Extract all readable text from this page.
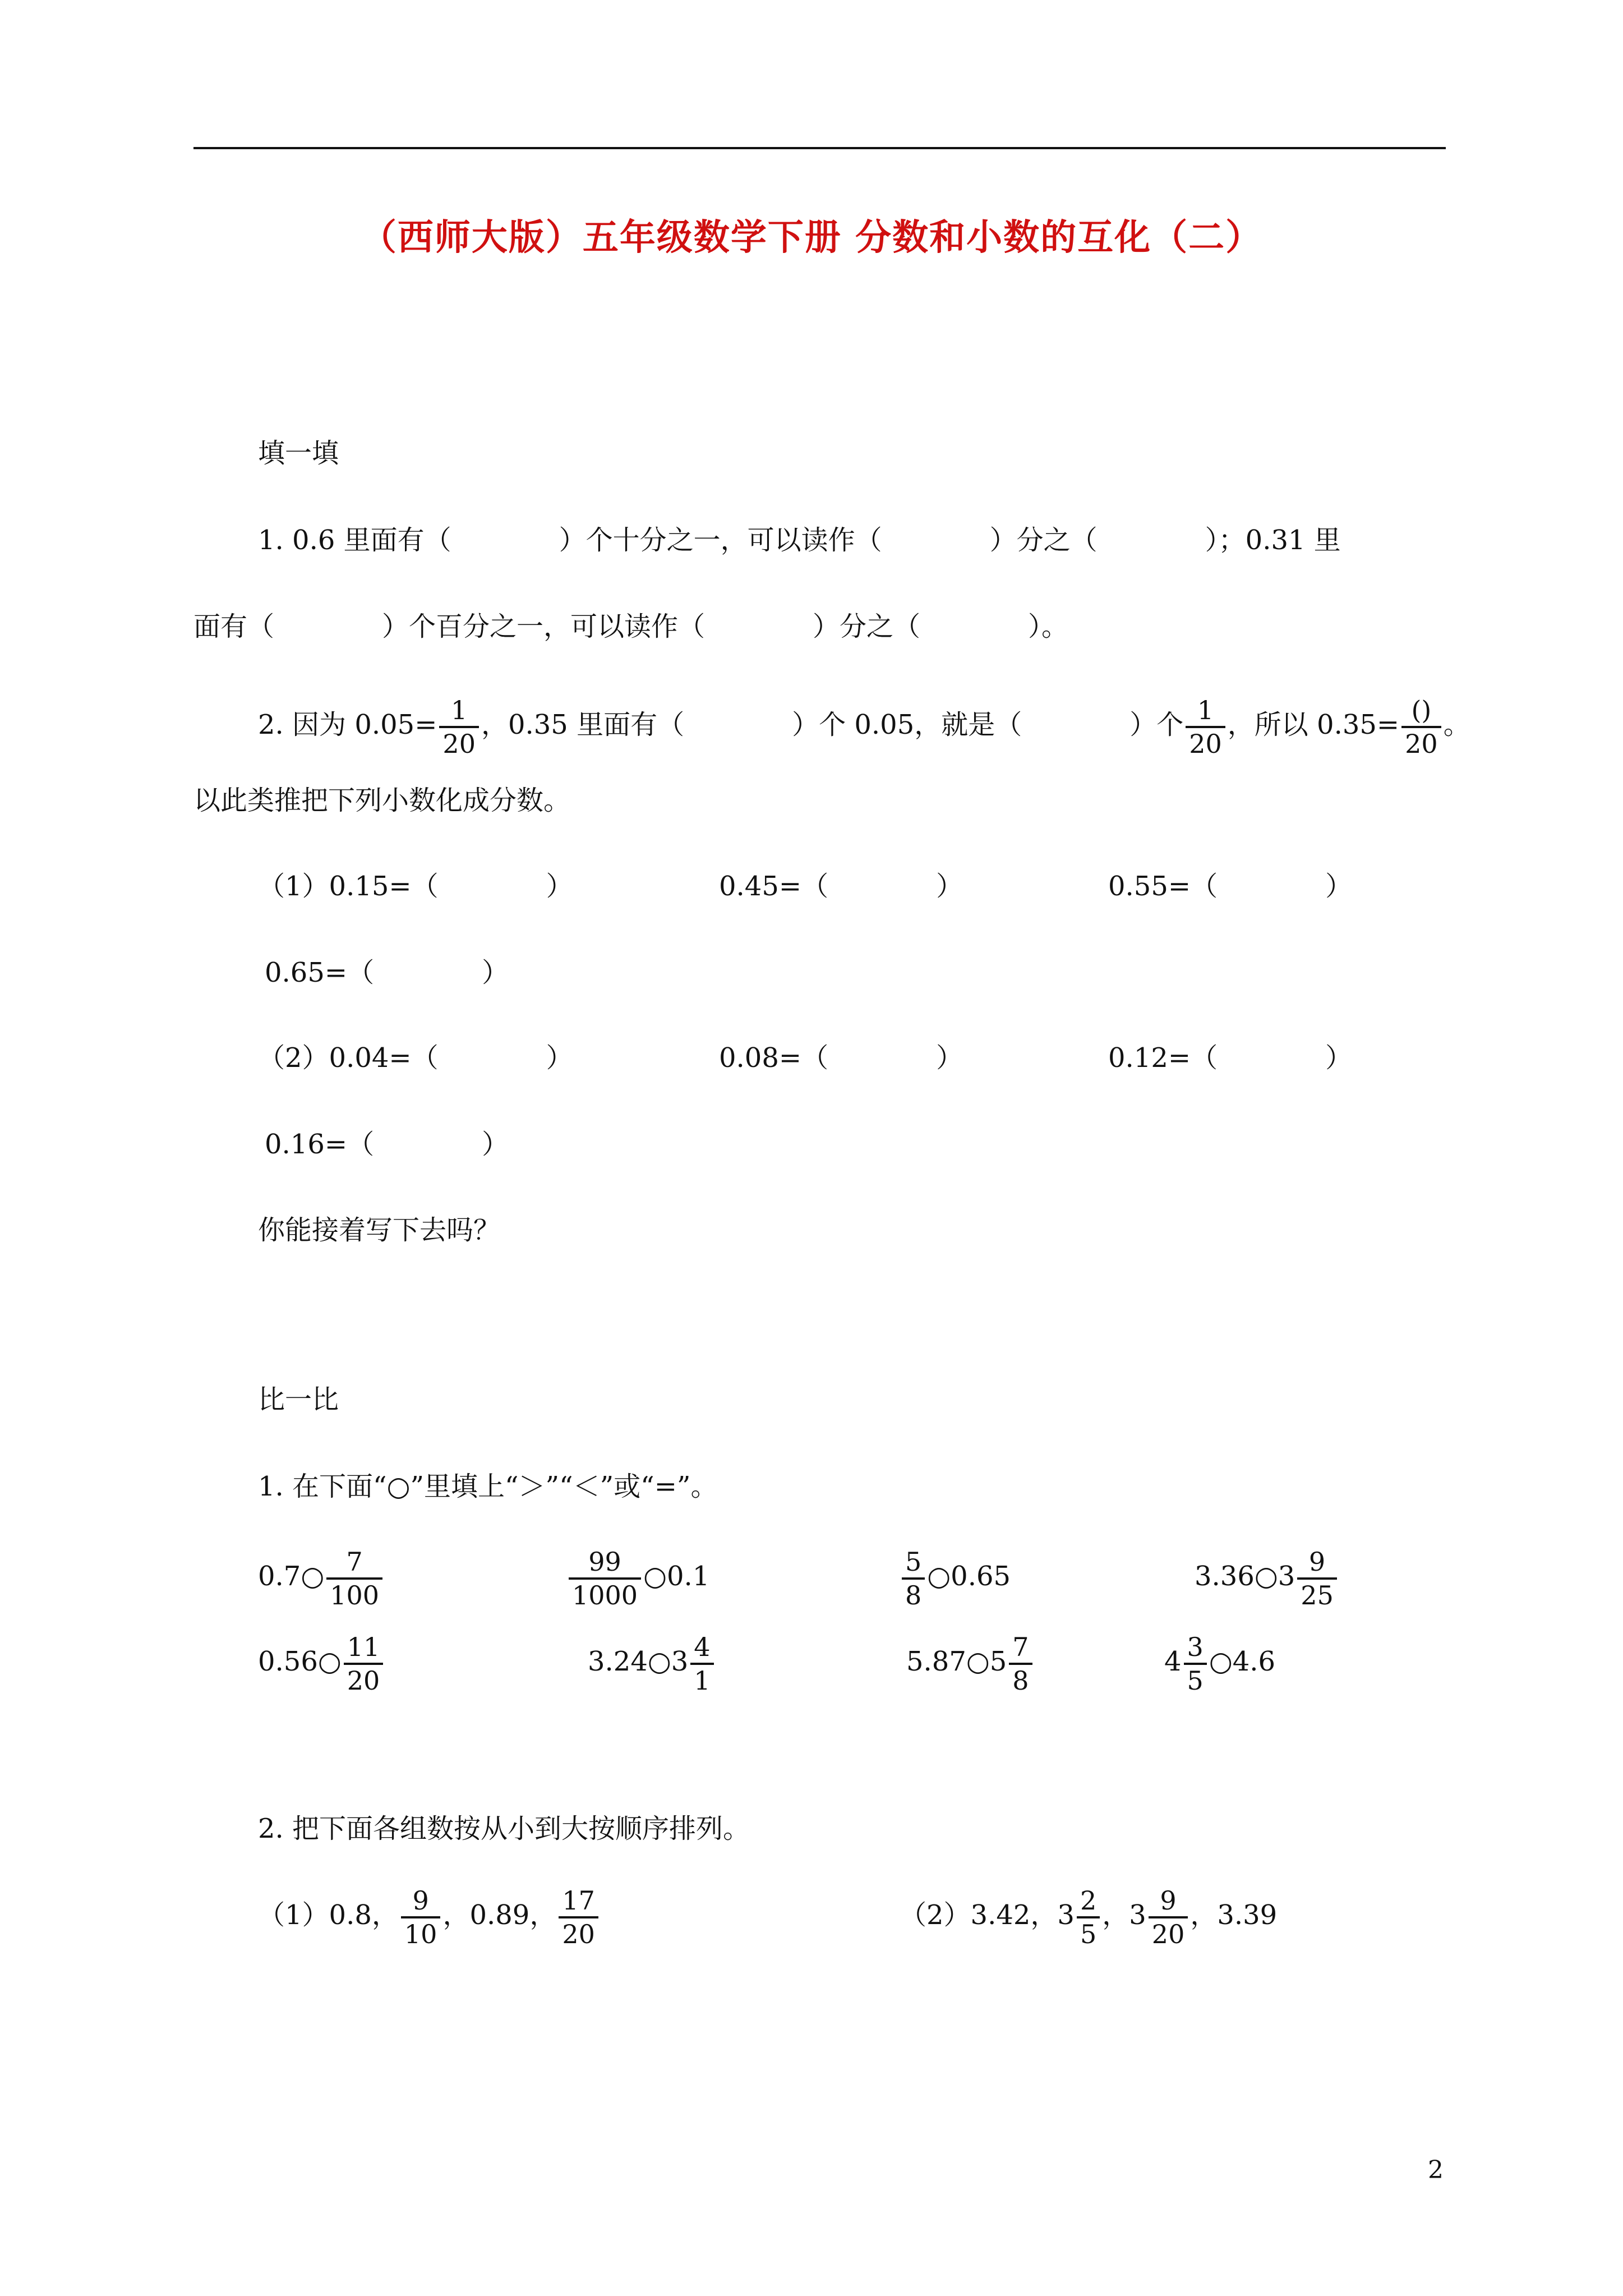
（西师大版）五年级数学下册 分数和小数的互化（二）
填一填
1. 0.6 里面有（　　　　）个十分之一，可以读作（　　　　）分之（　　　　）；0.31 里
面有（　　　　）个百分之一，可以读作（　　　　）分之（　　　　）。
2. 因为 $0.05= \frac{1}{20}$ ，0.35 里面有（　　　　）个 0.05，就是（　　　　）个 $\frac{1}{20}$ ，所以 $0.35= \frac{()}{20}$ 。
以此类推把下列小数化成分数。
（1）0.15=（　　　　）	0.45=（　　　　）	0.55=（　　　　）
0.65=（　　　　）
（2）0.04=（　　　　）	0.08=（　　　　）	0.12=（　　　　）
0.16=（　　　　）
你能接着写下去吗？
比一比
1. 在下面“○”里填上“＞”“＜”或“=”。
0.7○ $\frac{7}{100}$	$\frac{99}{1000}$ ○0.1	$\frac{5}{8}$ ○0.65	3.36○3 $\frac{9}{25}$
0.56○ $\frac{11}{20}$	3.24○3 $\frac{4}{1}$	5.87○5 $\frac{7}{8}$	$4 \frac{3}{5}$ ○4.6
2. 把下面各组数按从小到大按顺序排列。
（1）0.8， $\frac{9}{10}$ ，0.89， $\frac{17}{20}$	（2）3.42，$3 \frac{2}{5}$ ，$3 \frac{9}{20}$ ，3.39
2
